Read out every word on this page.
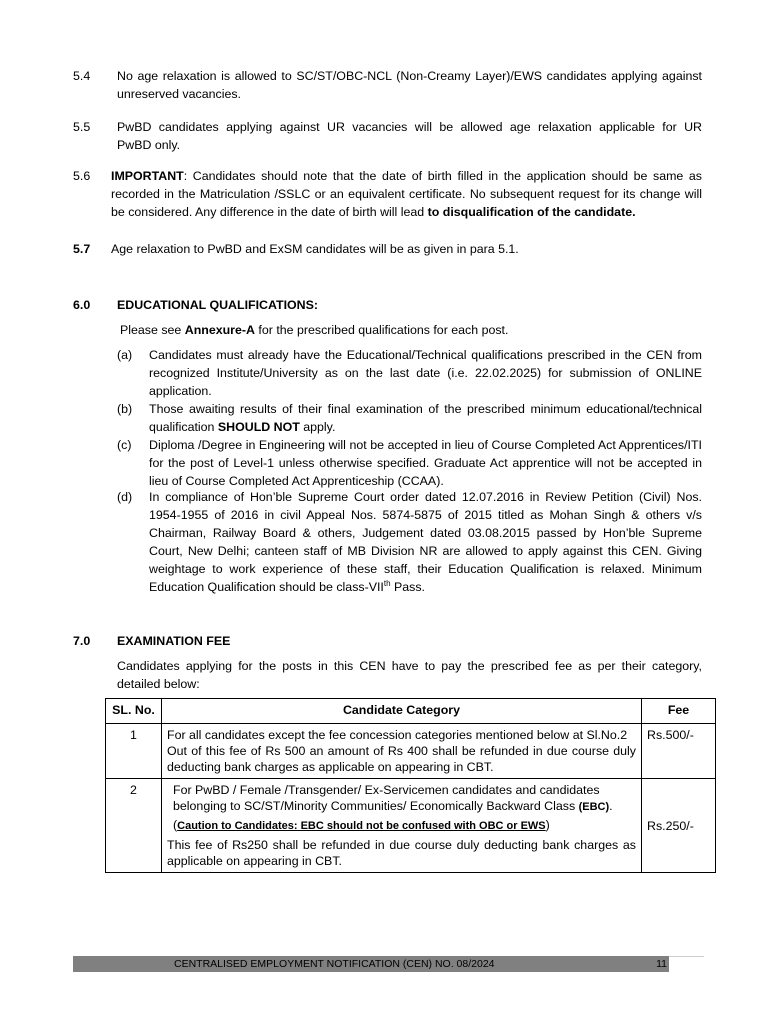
5.4 No age relaxation is allowed to SC/ST/OBC-NCL (Non-Creamy Layer)/EWS candidates applying against
unreserved vacancies.
5.5 PwBD candidates applying against UR vacancies will be allowed age relaxation applicable for UR
PwBD only.
5.6 IMPORTANT: Candidates should note that the date of birth filled in the application should be same as recorded in the Matriculation /SSLC or an equivalent certificate. No subsequent request for its change will be considered. Any difference in the date of birth will lead to disqualification of the candidate.
5.7 Age relaxation to PwBD and ExSM candidates will be as given in para 5.1.
6.0 EDUCATIONAL QUALIFICATIONS:
Please see Annexure-A for the prescribed qualifications for each post.
(a) Candidates must already have the Educational/Technical qualifications prescribed in the CEN from recognized Institute/University as on the last date (i.e. 22.02.2025) for submission of ONLINE application.
(b) Those awaiting results of their final examination of the prescribed minimum educational/technical qualification SHOULD NOT apply.
(c) Diploma /Degree in Engineering will not be accepted in lieu of Course Completed Act Apprentices/ITI for the post of Level-1 unless otherwise specified. Graduate Act apprentice will not be accepted in lieu of Course Completed Act Apprenticeship (CCAA).
(d) In compliance of Hon’ble Supreme Court order dated 12.07.2016 in Review Petition (Civil) Nos. 1954-1955 of 2016 in civil Appeal Nos. 5874-5875 of 2015 titled as Mohan Singh & others v/s Chairman, Railway Board & others, Judgement dated 03.08.2015 passed by Hon’ble Supreme Court, New Delhi; canteen staff of MB Division NR are allowed to apply against this CEN. Giving weightage to work experience of these staff, their Education Qualification is relaxed. Minimum Education Qualification should be class-VIIth Pass.
7.0 EXAMINATION FEE
Candidates applying for the posts in this CEN have to pay the prescribed fee as per their category, detailed below:
SL. No.	Candidate Category	Fee
1	For all candidates except the fee concession categories mentioned below at Sl.No.2
Out of this fee of Rs 500 an amount of Rs 400 shall be refunded in due course duly deducting bank charges as applicable on appearing in CBT.	Rs.500/-
2	For PwBD / Female /Transgender/ Ex-Servicemen candidates and candidates belonging to SC/ST/Minority Communities/ Economically Backward Class (EBC).
(Caution to Candidates: EBC should not be confused with OBC or EWS)
This fee of Rs250 shall be refunded in due course duly deducting bank charges as applicable on appearing in CBT.	Rs.250/-
CENTRALISED EMPLOYMENT NOTIFICATION (CEN) NO. 08/2024	11
